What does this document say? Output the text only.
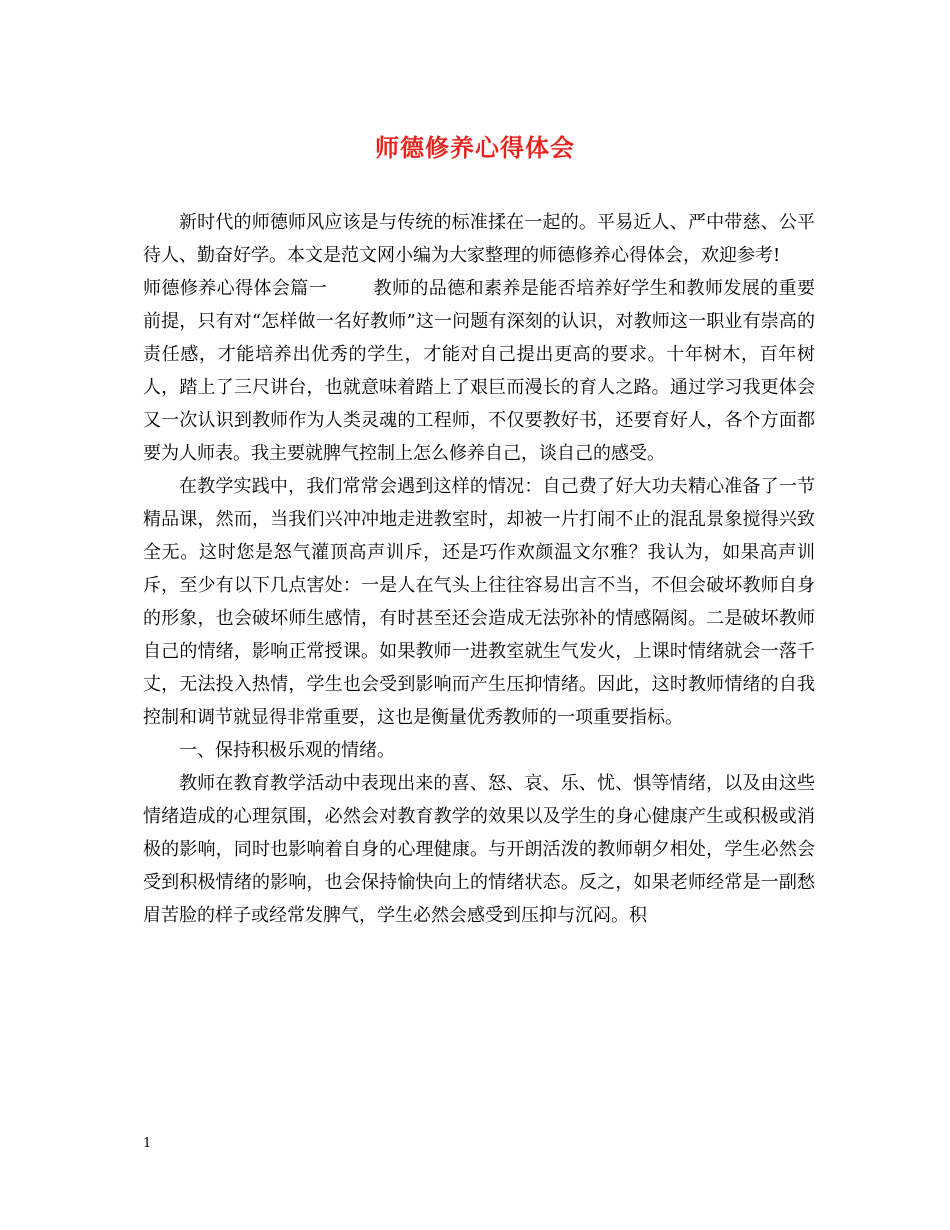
师德修养心得体会

新时代的师德师风应该是与传统的标准揉在一起的。平易近人、严中带慈、公平待人、勤奋好学。本文是范文网小编为大家整理的师德修养心得体会，欢迎参考!

师德修养心得体会篇一	教师的品德和素养是能否培养好学生和教师发展的重要前提，只有对“怎样做一名好教师”这一问题有深刻的认识，对教师这一职业有崇高的责任感，才能培养出优秀的学生，才能对自己提出更高的要求。十年树木，百年树人，踏上了三尺讲台，也就意味着踏上了艰巨而漫长的育人之路。通过学习我更体会又一次认识到教师作为人类灵魂的工程师，不仅要教好书，还要育好人，各个方面都要为人师表。我主要就脾气控制上怎么修养自己，谈自己的感受。

在教学实践中，我们常常会遇到这样的情况：自己费了好大功夫精心准备了一节精品课，然而，当我们兴冲冲地走进教室时，却被一片打闹不止的混乱景象搅得兴致全无。这时您是怒气灌顶高声训斥，还是巧作欢颜温文尔雅？我认为，如果高声训斥，至少有以下几点害处：一是人在气头上往往容易出言不当，不但会破坏教师自身的形象，也会破坏师生感情，有时甚至还会造成无法弥补的情感隔阂。二是破坏教师自己的情绪，影响正常授课。如果教师一进教室就生气发火，上课时情绪就会一落千丈，无法投入热情，学生也会受到影响而产生压抑情绪。因此，这时教师情绪的自我控制和调节就显得非常重要，这也是衡量优秀教师的一项重要指标。

一、保持积极乐观的情绪。

教师在教育教学活动中表现出来的喜、怒、哀、乐、忧、惧等情绪，以及由这些情绪造成的心理氛围，必然会对教育教学的效果以及学生的身心健康产生或积极或消极的影响，同时也影响着自身的心理健康。与开朗活泼的教师朝夕相处，学生必然会受到积极情绪的影响，也会保持愉快向上的情绪状态。反之，如果老师经常是一副愁眉苦脸的样子或经常发脾气，学生必然会感受到压抑与沉闷。积

1
